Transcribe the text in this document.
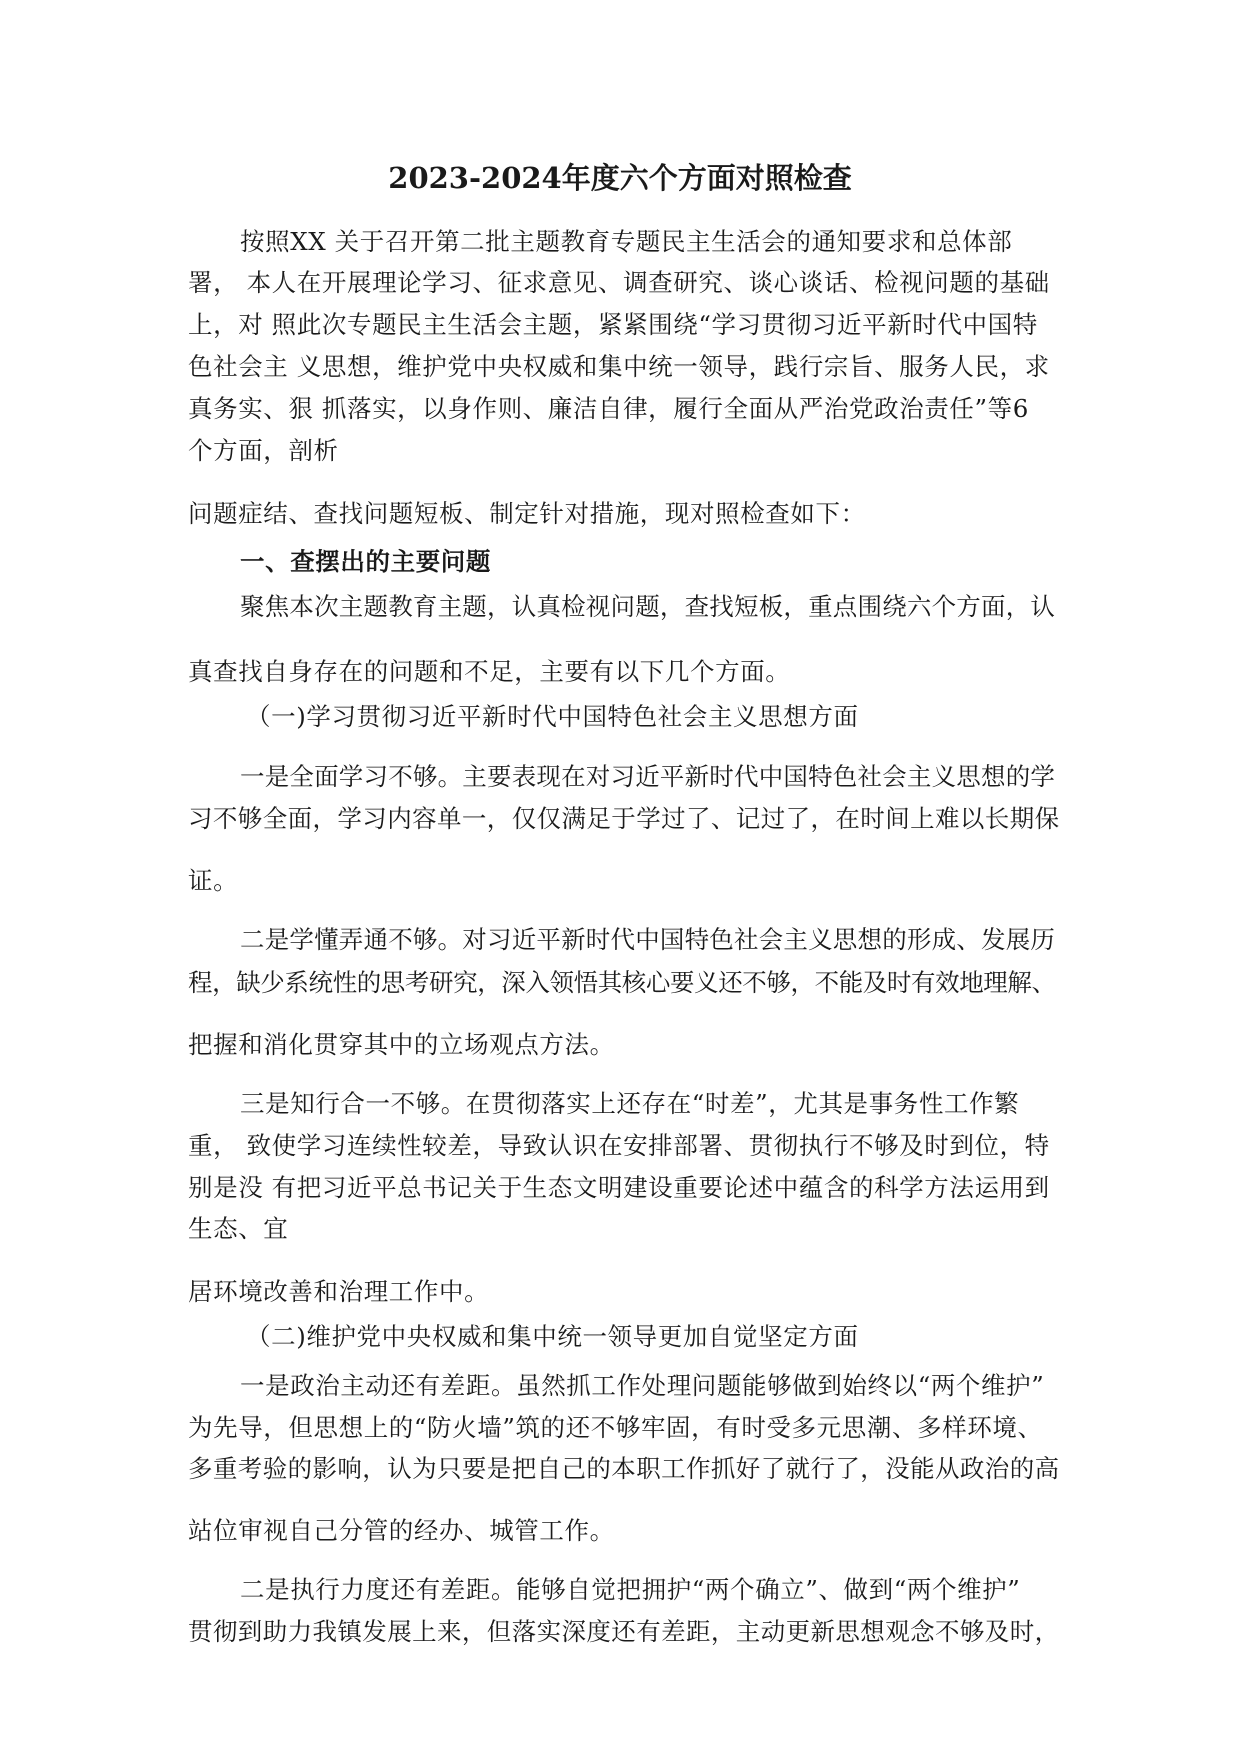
2023-2024年度六个方面对照检查
按照XX 关于召开第二批主题教育专题民主生活会的通知要求和总体部
署， 本人在开展理论学习、征求意见、调查研究、谈心谈话、检视问题的基础
上，对 照此次专题民主生活会主题，紧紧围绕“学习贯彻习近平新时代中国特
色社会主 义思想，维护党中央权威和集中统一领导，践行宗旨、服务人民，求
真务实、狠 抓落实，以身作则、廉洁自律，履行全面从严治党政治责任”等6
个方面，剖析
问题症结、查找问题短板、制定针对措施，现对照检查如下：
一、查摆出的主要问题
聚焦本次主题教育主题，认真检视问题，查找短板，重点围绕六个方面，认
真查找自身存在的问题和不足，主要有以下几个方面。
（一)学习贯彻习近平新时代中国特色社会主义思想方面
一是全面学习不够。主要表现在对习近平新时代中国特色社会主义思想的学
习不够全面，学习内容单一，仅仅满足于学过了、记过了，在时间上难以长期保
证。
二是学懂弄通不够。对习近平新时代中国特色社会主义思想的形成、发展历
程，缺少系统性的思考研究，深入领悟其核心要义还不够，不能及时有效地理解、
把握和消化贯穿其中的立场观点方法。
三是知行合一不够。在贯彻落实上还存在“时差”，尤其是事务性工作繁
重， 致使学习连续性较差，导致认识在安排部署、贯彻执行不够及时到位，特
别是没 有把习近平总书记关于生态文明建设重要论述中蕴含的科学方法运用到
生态、宜
居环境改善和治理工作中。
（二)维护党中央权威和集中统一领导更加自觉坚定方面
一是政治主动还有差距。虽然抓工作处理问题能够做到始终以“两个维护”
为先导，但思想上的“防火墙”筑的还不够牢固，有时受多元思潮、多样环境、
多重考验的影响，认为只要是把自己的本职工作抓好了就行了，没能从政治的高
站位审视自己分管的经办、城管工作。
二是执行力度还有差距。能够自觉把拥护“两个确立”、做到“两个维护”
贯彻到助力我镇发展上来，但落实深度还有差距，主动更新思想观念不够及时，
